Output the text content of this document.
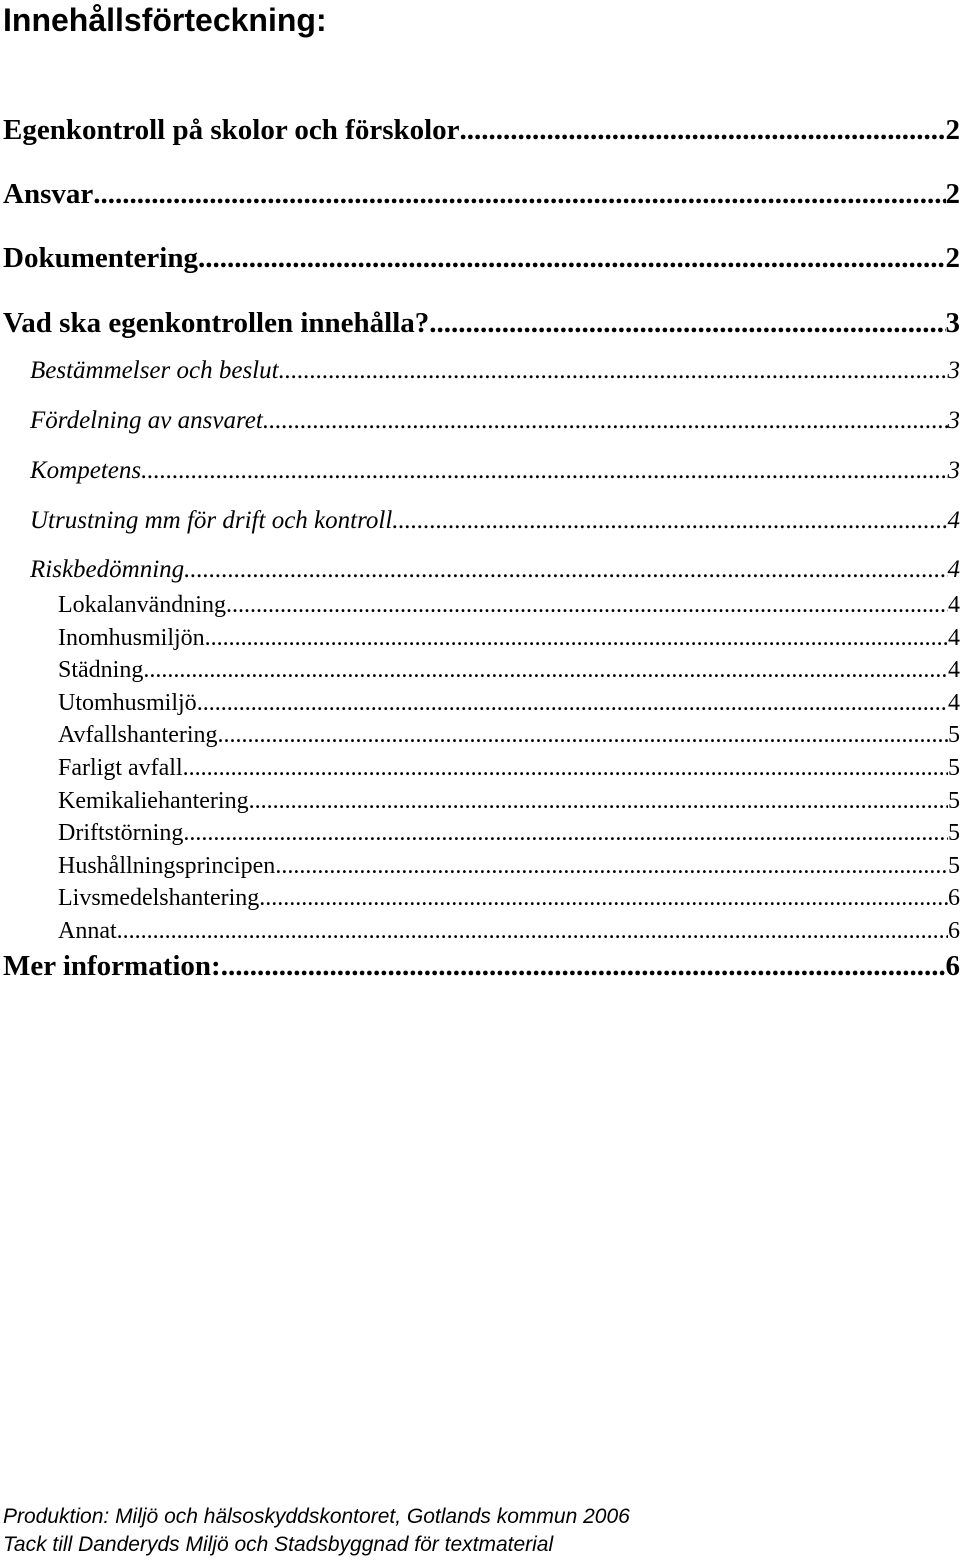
Innehållsförteckning:
Egenkontroll på skolor och förskolor .....	2
Ansvar .....	2
Dokumentering .....	2
Vad ska egenkontrollen innehålla? .....	3
Bestämmelser och beslut .....	3
Fördelning av ansvaret .....	3
Kompetens .....	3
Utrustning mm för drift och kontroll .....	4
Riskbedömning .....	4
Lokalanvändning .....	4
Inomhusmiljön .....	4
Städning .....	4
Utomhusmiljö .....	4
Avfallshantering .....	5
Farligt avfall .....	5
Kemikaliehantering .....	5
Driftstörning .....	5
Hushållningsprincipen .....	5
Livsmedelshantering .....	6
Annat .....	6
Mer information: .....	6
Produktion: Miljö och hälsoskyddskontoret, Gotlands kommun 2006
Tack till Danderyds Miljö och Stadsbyggnad för textmaterial
